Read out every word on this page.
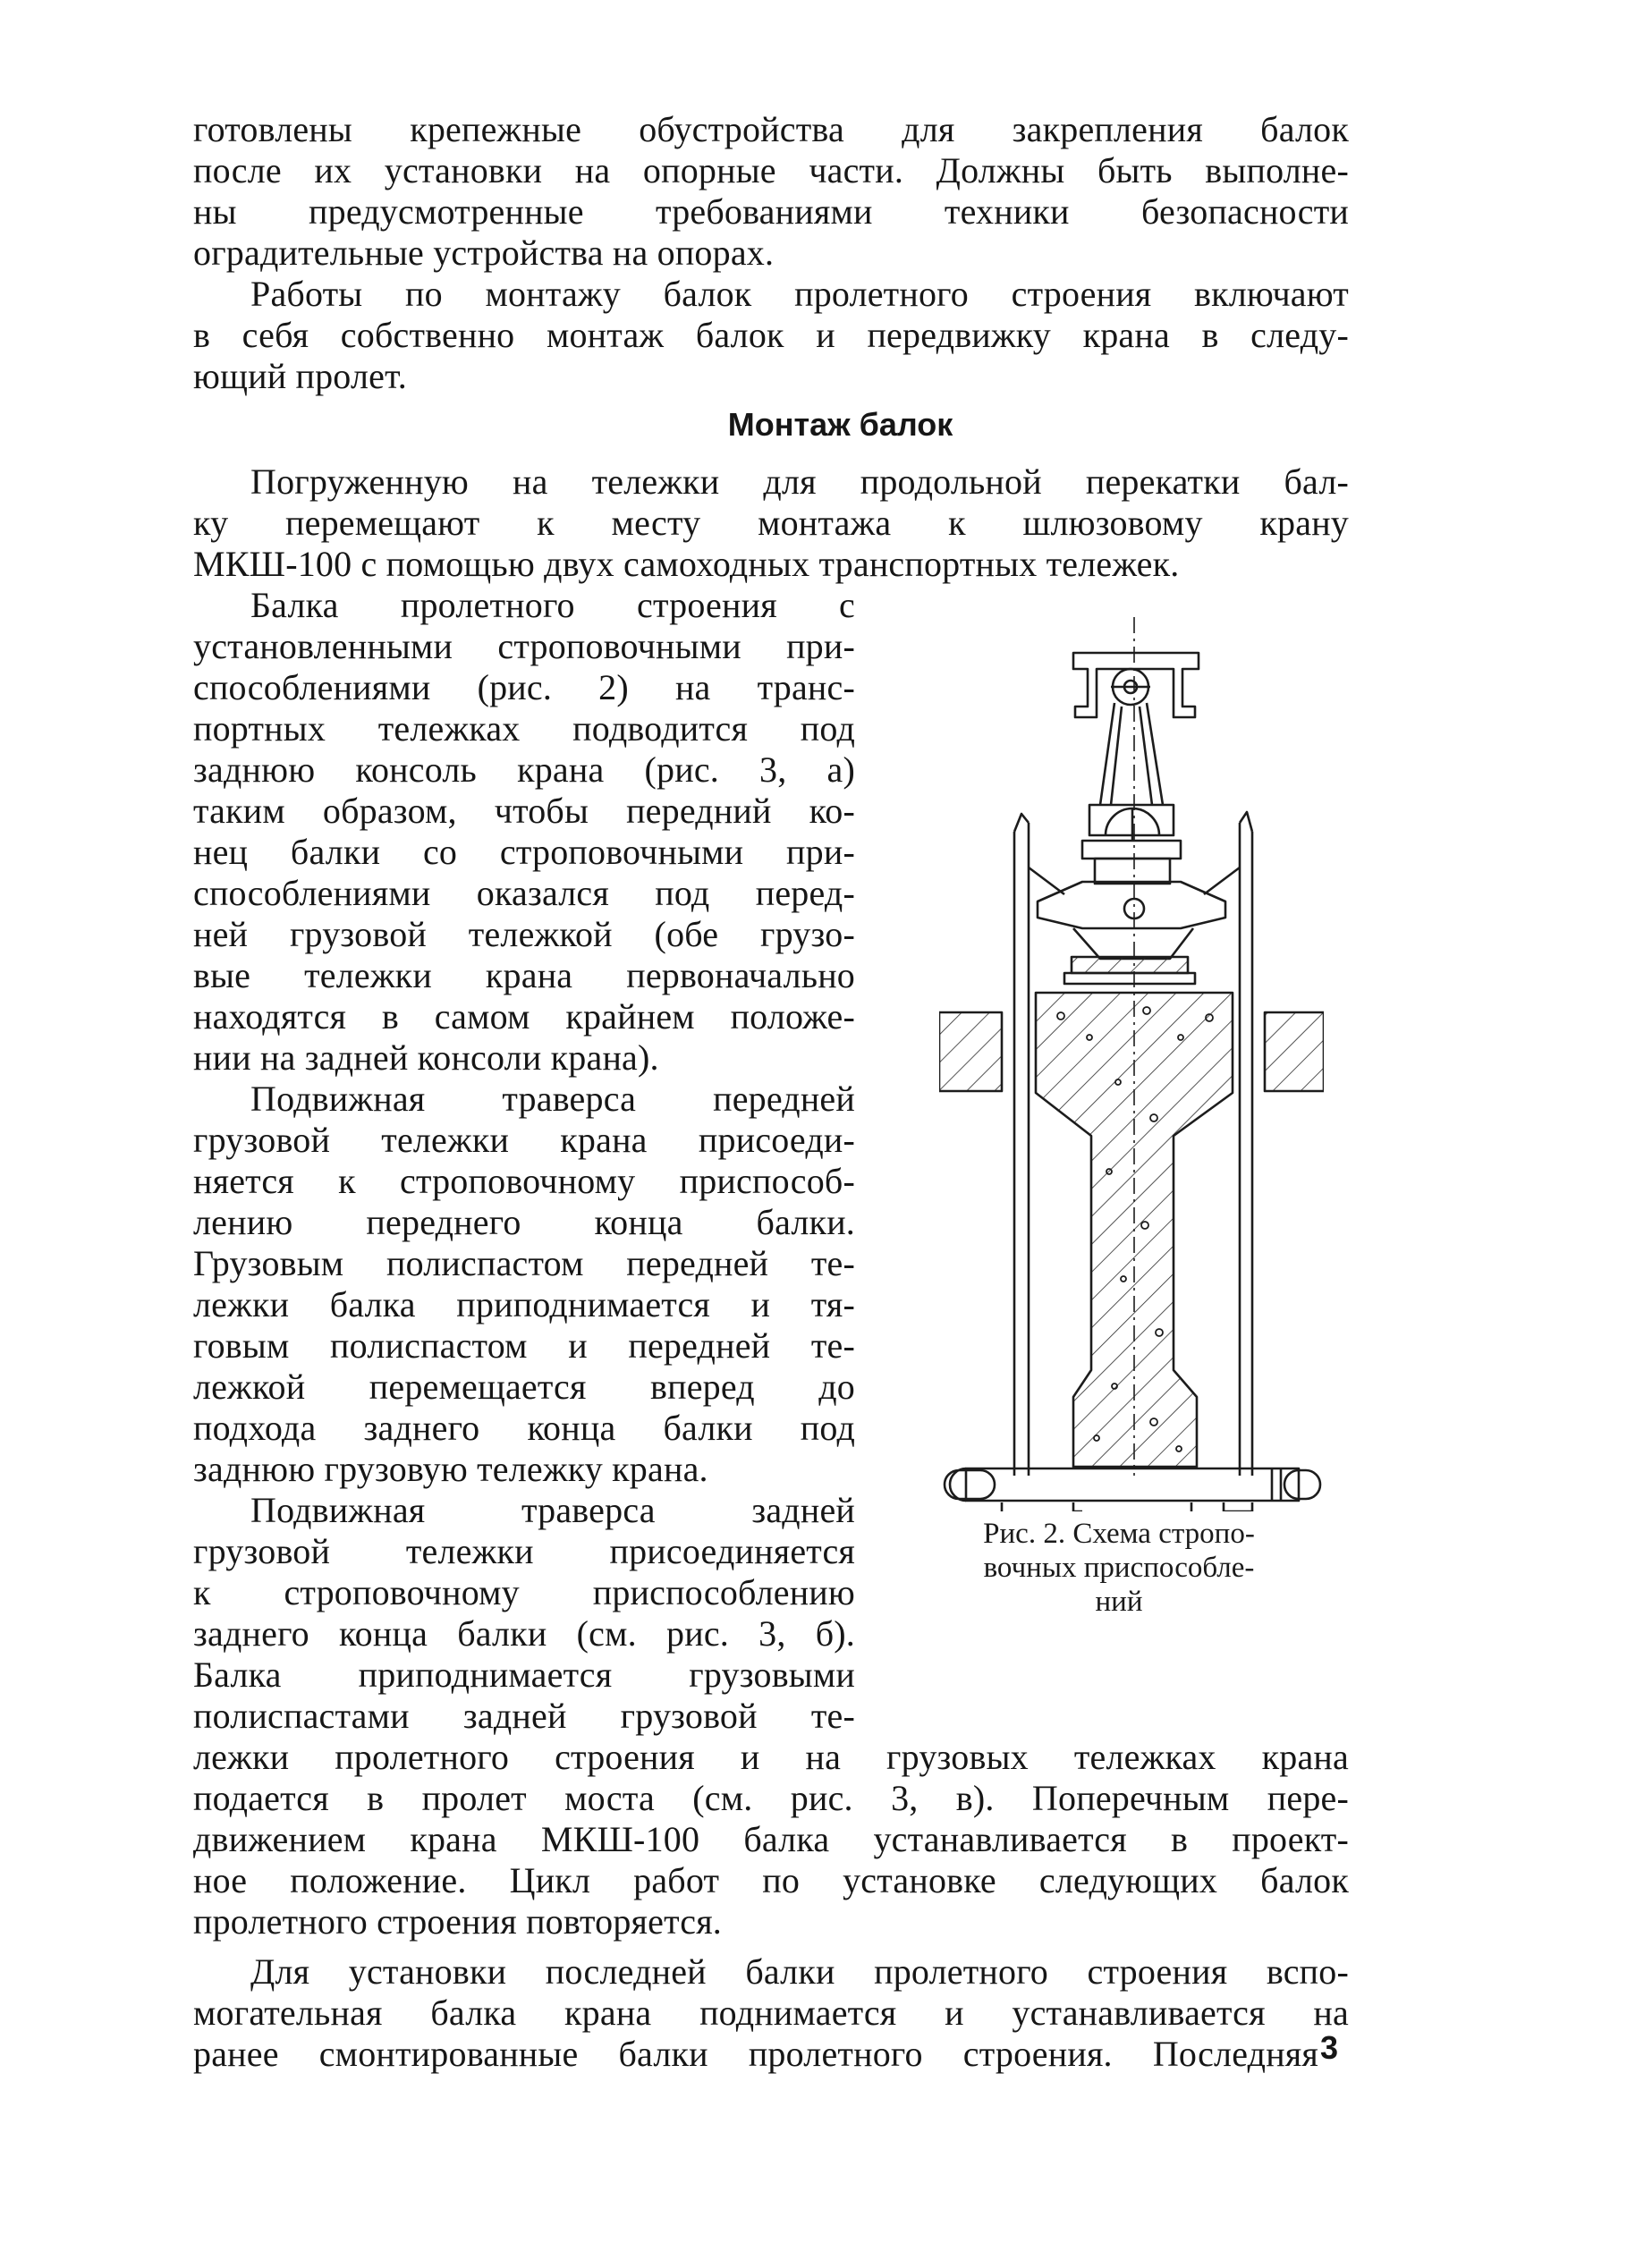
готовлены крепежные обустройства для закрепления балок

после их установки на опорные части. Должны быть выполне-

ны предусмотренные требованиями техники безопасности

оградительные устройства на опорах.

Работы по монтажу балок пролетного строения включают

в себя собственно монтаж балок и передвижку крана в следу-

ющий пролет.

Монтаж балок

Погруженную на тележки для продольной перекатки бал-

ку перемещают к месту монтажа к шлюзовому крану

МКШ-100 с помощью двух самоходных транспортных тележек.

Балка пролетного строения с

установленными строповочными при-

способлениями (рис. 2) на транс-

портных тележках подводится под

заднюю консоль крана (рис. 3, а)

таким образом, чтобы передний ко-

нец балки со строповочными при-

способлениями оказался под перед-

ней грузовой тележкой (обе грузо-

вые тележки крана первоначально

находятся в самом крайнем положе-

нии на задней консоли крана).

Подвижная траверса передней

грузовой тележки крана присоеди-

няется к строповочному приспособ-

лению переднего конца балки.

Грузовым полиспастом передней те-

лежки балка приподнимается и тя-

говым полиспастом и передней те-

лежкой перемещается вперед до

подхода заднего конца балки под

заднюю грузовую тележку крана.

Подвижная траверса задней

грузовой тележки присоединяется

к строповочному приспособлению

заднего конца балки (см. рис. 3, б).

Балка приподнимается грузовыми

полиспастами задней грузовой те-

лежки пролетного строения и на грузовых тележках крана

подается в пролет моста (см. рис. 3, в). Поперечным пере-

движением крана МКШ-100 балка устанавливается в проект-

ное положение. Цикл работ по установке следующих балок

пролетного строения повторяется.

Для установки последней балки пролетного строения вспо-

могательная балка крана поднимается и устанавливается на

ранее смонтированные балки пролетного строения. Последняя

Рис. 2. Схема стропо-
вочных приспособле-
ний

3
